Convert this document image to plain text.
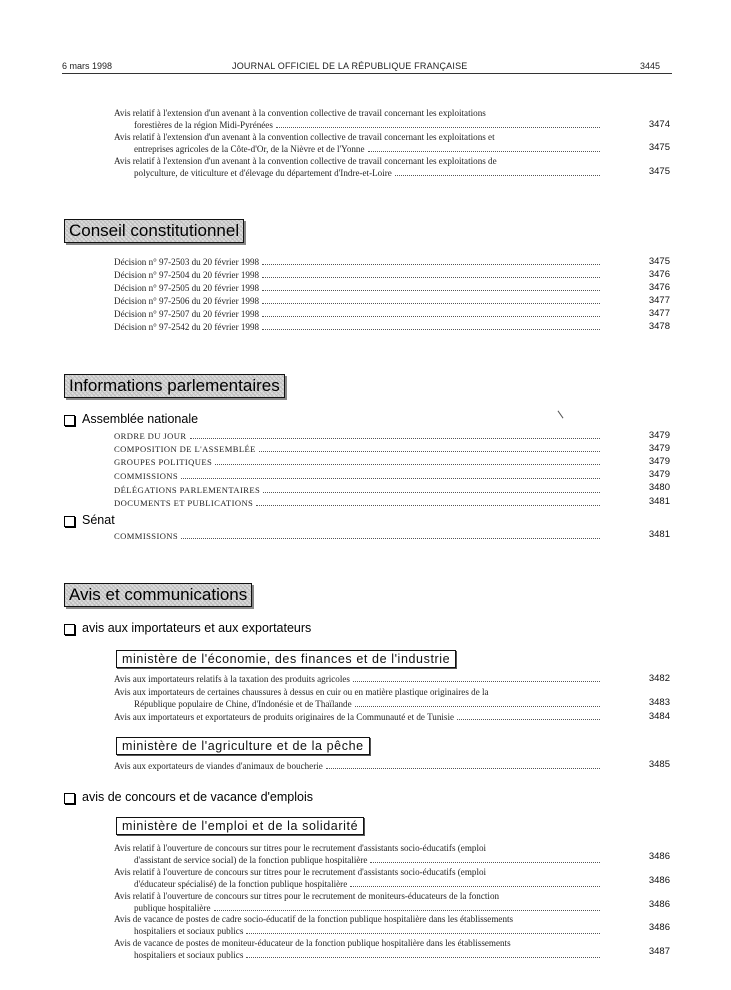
6 mars 1998	JOURNAL OFFICIEL DE LA RÉPUBLIQUE FRANÇAISE	3445
Avis relatif à l'extension d'un avenant à la convention collective de travail concernant les exploitations
forestières de la région Midi-Pyrénées	3474
Avis relatif à l'extension d'un avenant à la convention collective de travail concernant les exploitations et
entreprises agricoles de la Côte-d'Or, de la Nièvre et de l'Yonne	3475
Avis relatif à l'extension d'un avenant à la convention collective de travail concernant les exploitations de
polyculture, de viticulture et d'élevage du département d'Indre-et-Loire	3475
Conseil constitutionnel
Décision n° 97-2503 du 20 février 1998	3475
Décision n° 97-2504 du 20 février 1998	3476
Décision n° 97-2505 du 20 février 1998	3476
Décision n° 97-2506 du 20 février 1998	3477
Décision n° 97-2507 du 20 février 1998	3477
Décision n° 97-2542 du 20 février 1998	3478
Informations parlementaires
Assemblée nationale
ORDRE DU JOUR	3479
COMPOSITION DE L'ASSEMBLÉE	3479
GROUPES POLITIQUES	3479
COMMISSIONS	3479
DÉLÉGATIONS PARLEMENTAIRES	3480
DOCUMENTS ET PUBLICATIONS	3481
Sénat
COMMISSIONS	3481
Avis et communications
avis aux importateurs et aux exportateurs
ministère de l'économie, des finances et de l'industrie
Avis aux importateurs relatifs à la taxation des produits agricoles	3482
Avis aux importateurs de certaines chaussures à dessus en cuir ou en matière plastique originaires de la
République populaire de Chine, d'Indonésie et de Thaïlande	3483
Avis aux importateurs et exportateurs de produits originaires de la Communauté et de Tunisie	3484
ministère de l'agriculture et de la pêche
Avis aux exportateurs de viandes d'animaux de boucherie	3485
avis de concours et de vacance d'emplois
ministère de l'emploi et de la solidarité
Avis relatif à l'ouverture de concours sur titres pour le recrutement d'assistants socio-éducatifs (emploi
d'assistant de service social) de la fonction publique hospitalière	3486
Avis relatif à l'ouverture de concours sur titres pour le recrutement d'assistants socio-éducatifs (emploi
d'éducateur spécialisé) de la fonction publique hospitalière	3486
Avis relatif à l'ouverture de concours sur titres pour le recrutement de moniteurs-éducateurs de la fonction
publique hospitalière	3486
Avis de vacance de postes de cadre socio-éducatif de la fonction publique hospitalière dans les établissements
hospitaliers et sociaux publics	3486
Avis de vacance de postes de moniteur-éducateur de la fonction publique hospitalière dans les établissements
hospitaliers et sociaux publics	3487
